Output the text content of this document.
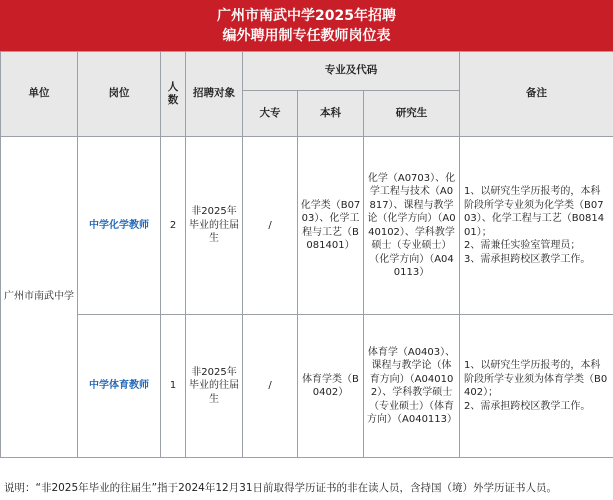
广州市南武中学2025年招聘
编外聘用制专任教师岗位表
单位	岗位	人数	招聘对象	专业及代码			备注
				大专	本科	研究生	
广州市南武中学	中学化学教师	2	非2025年毕业的往届生	/	化学类（B0703）、化学工程与工艺（B081401）	化学（A0703）、化学工程与技术（A0817）、课程与教学论（化学方向）（A040102）、学科教学硕士（专业硕士）（化学方向）（A040113）	1、以研究生学历报考的，本科阶段所学专业须为化学类（B0703）、化学工程与工艺（B081401）；
2、需兼任实验室管理员；
3、需承担跨校区教学工作。

	中学体育教师	1	非2025年毕业的往届生	/	体育学类（B0402）	体育学（A0403）、课程与教学论（体育方向）（A040102）、学科教学硕士（专业硕士）（体育方向）（A040113）	1、以研究生学历报考的，本科阶段所学专业须为体育学类（B0402）；
2、需承担跨校区教学工作。
说明：“非2025年毕业的往届生”指于2024年12月31日前取得学历证书的非在读人员，含持国（境）外学历证书人员。
